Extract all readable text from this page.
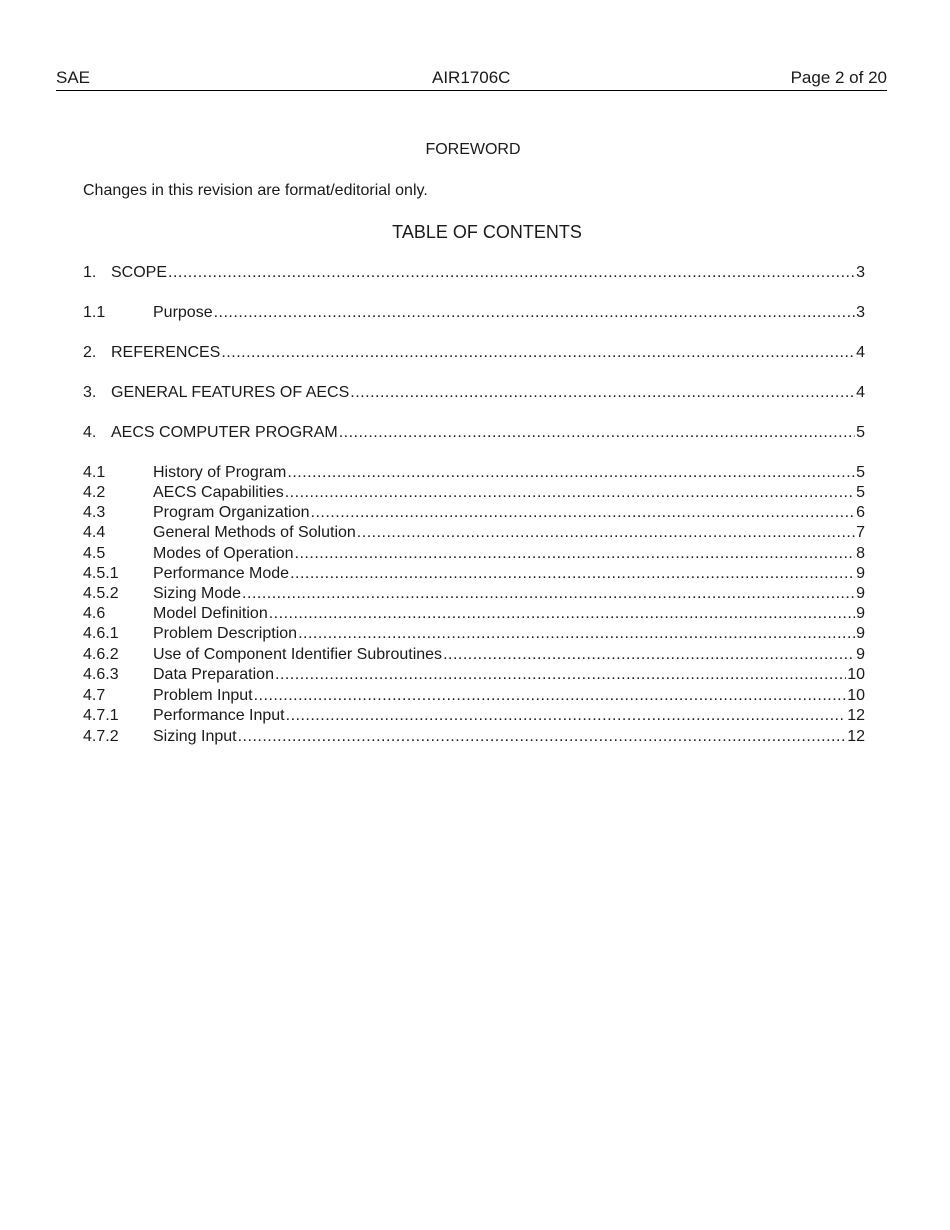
SAE	AIR1706C	Page 2 of 20
FOREWORD
Changes in this revision are format/editorial only.
TABLE OF CONTENTS
1. SCOPE .....	3
1.1	Purpose .....	3
2. REFERENCES .....	4
3. GENERAL FEATURES OF AECS .....	4
4. AECS COMPUTER PROGRAM .....	5
4.1	History of Program .....	5
4.2	AECS Capabilities .....	5
4.3	Program Organization .....	6
4.4	General Methods of Solution .....	7
4.5	Modes of Operation .....	8
4.5.1	Performance Mode .....	9
4.5.2	Sizing Mode .....	9
4.6	Model Definition .....	9
4.6.1	Problem Description .....	9
4.6.2	Use of Component Identifier Subroutines .....	9
4.6.3	Data Preparation .....	10
4.7	Problem Input .....	10
4.7.1	Performance Input .....	12
4.7.2	Sizing Input .....	12
